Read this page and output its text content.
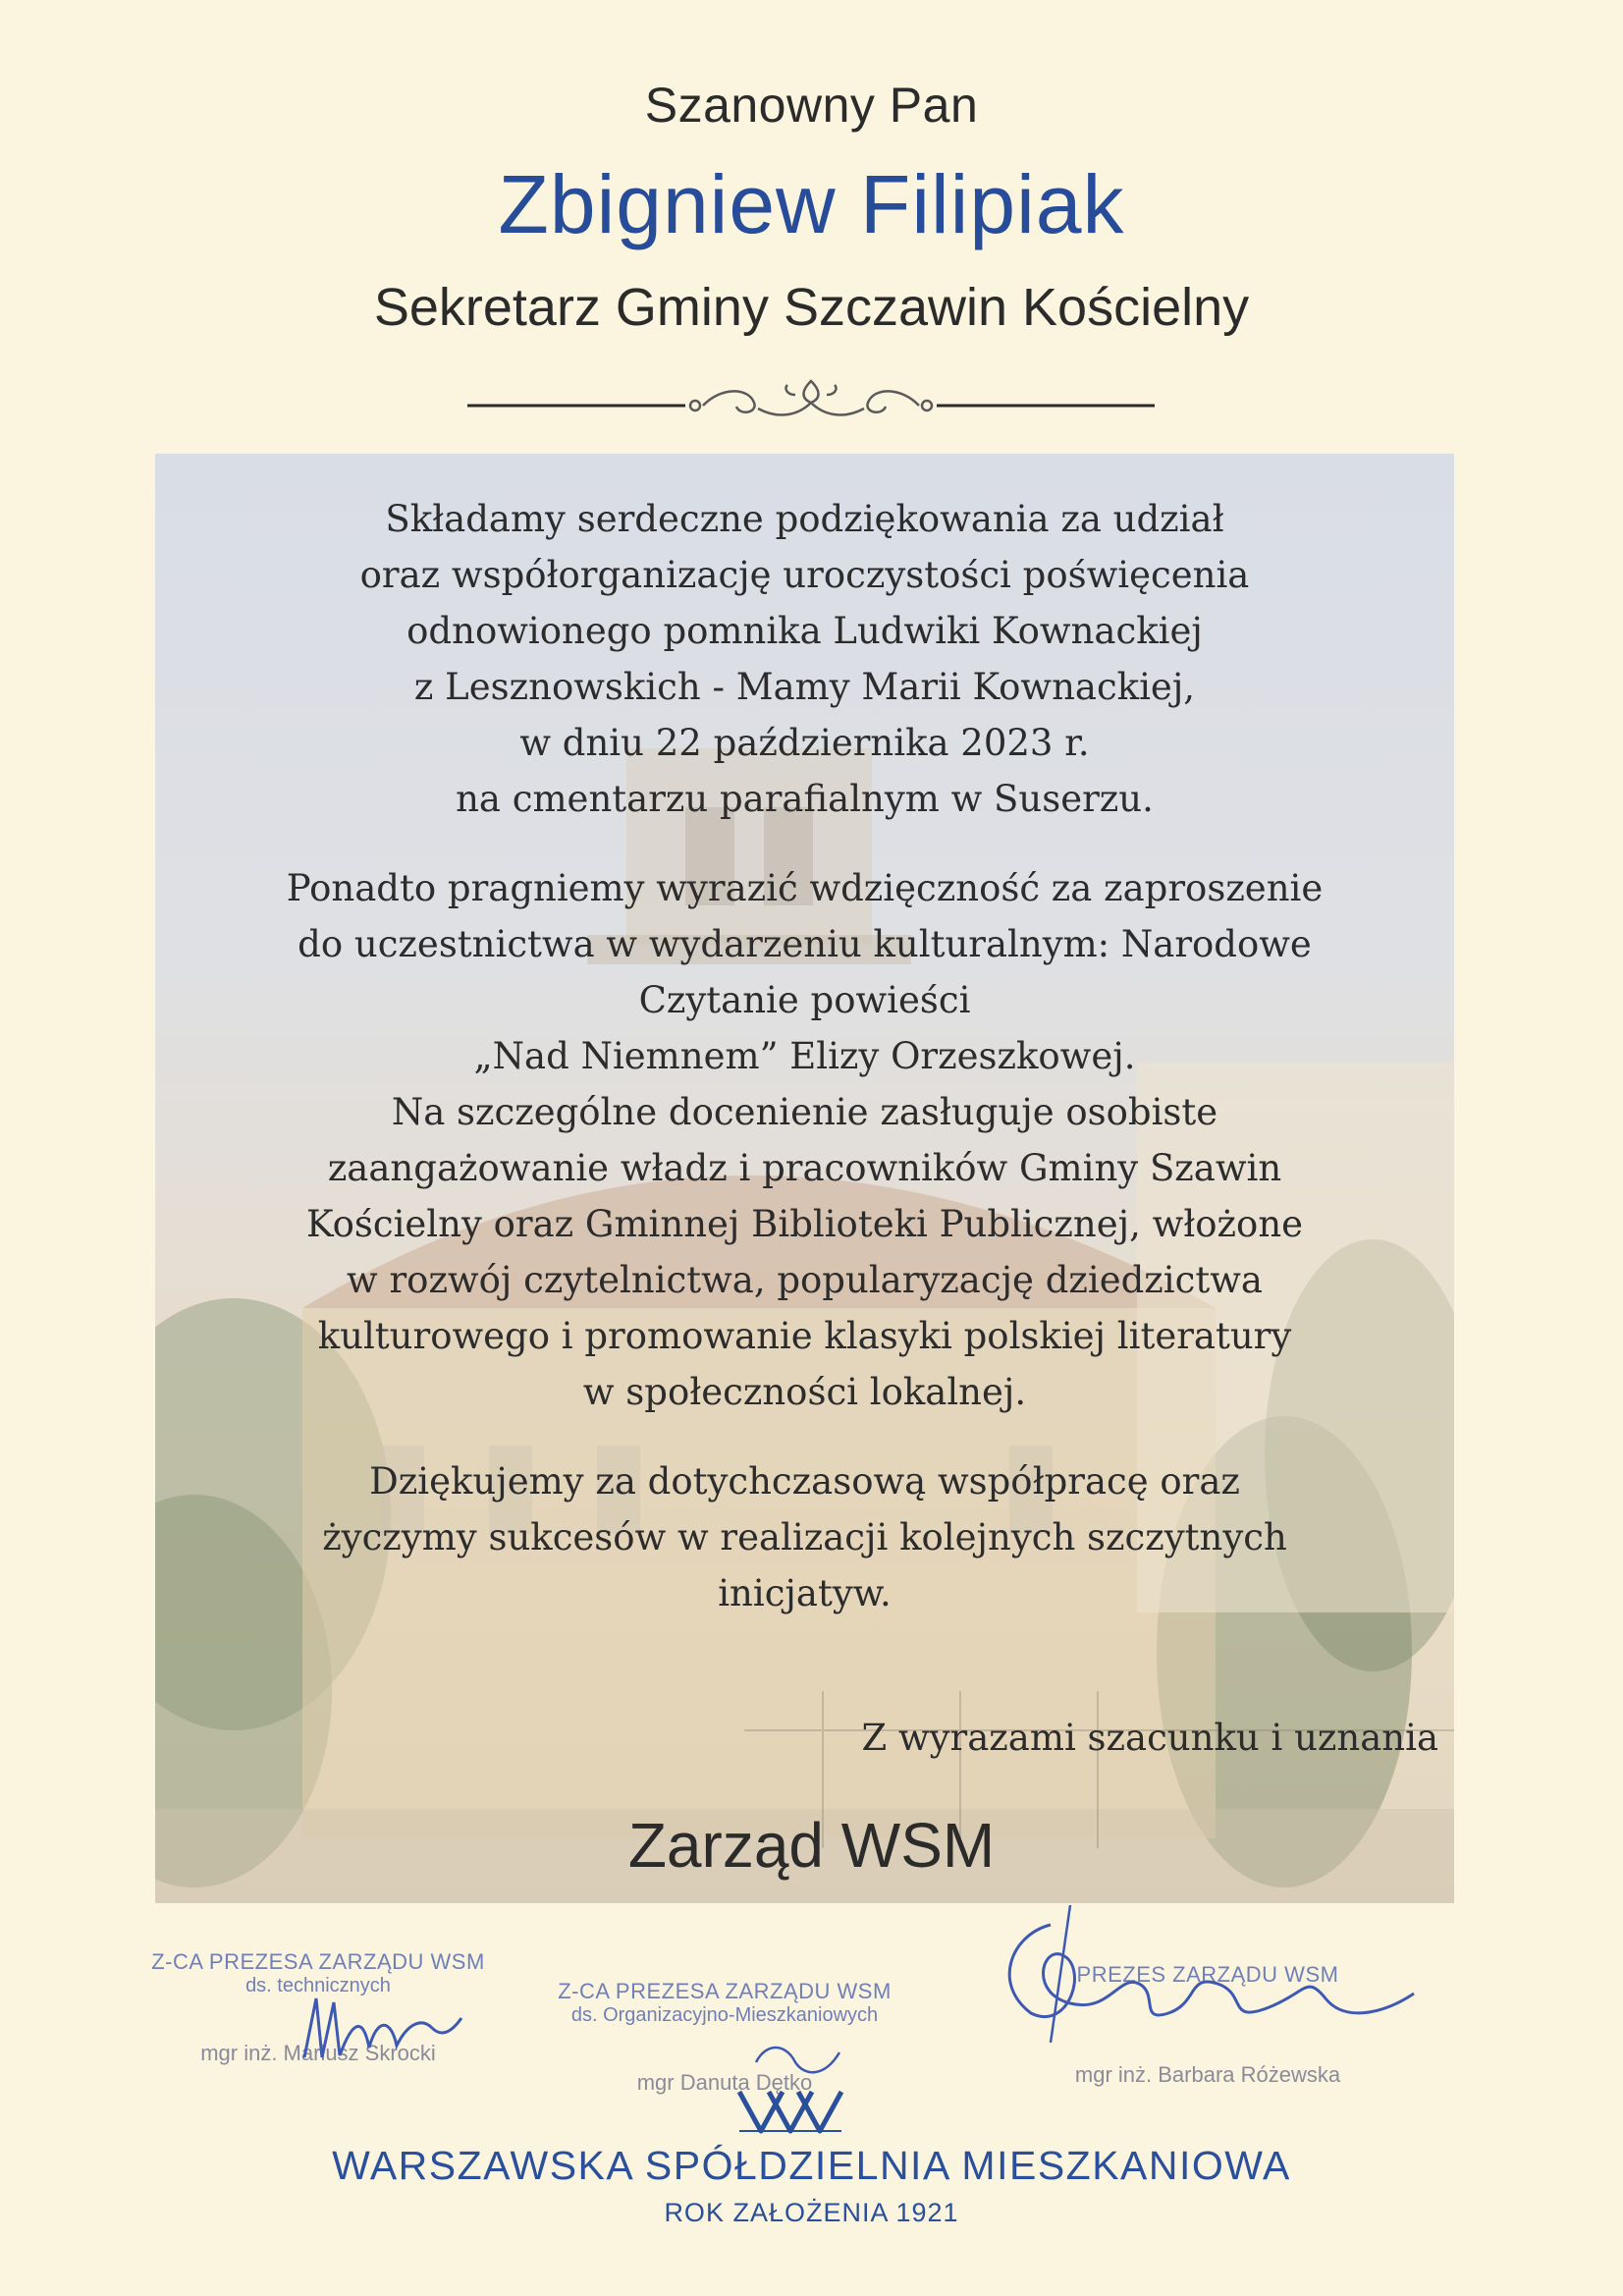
Szanowny Pan
Zbigniew Filipiak
Sekretarz Gminy Szczawin Kościelny

Składamy serdeczne podziękowania za udział
oraz współorganizację uroczystości poświęcenia
odnowionego pomnika Ludwiki Kownackiej
z Lesznowskich - Mamy Marii Kownackiej,
w dniu 22 października 2023 r.
na cmentarzu parafialnym w Suserzu.

Ponadto pragniemy wyrazić wdzięczność za zaproszenie
do uczestnictwa w wydarzeniu kulturalnym: Narodowe
Czytanie powieści
„Nad Niemnem” Elizy Orzeszkowej.
Na szczególne docenienie zasługuje osobiste
zaangażowanie władz i pracowników Gminy Szawin
Kościelny oraz Gminnej Biblioteki Publicznej, włożone
w rozwój czytelnictwa, popularyzację dziedzictwa
kulturowego i promowanie klasyki polskiej literatury
w społeczności lokalnej.

Dziękujemy za dotychczasową współpracę oraz
życzymy sukcesów w realizacji kolejnych szczytnych
inicjatyw.

Z wyrazami szacunku i uznania
Zarząd WSM
Z-CA PREZESA ZARZĄDU WSM
ds. technicznych
mgr inż. Mariusz Skrocki
Z-CA PREZESA ZARZĄDU WSM
ds. Organizacyjno-Mieszkaniowych
mgr Danuta Dętko
PREZES ZARZĄDU WSM
mgr inż. Barbara Różewska
WARSZAWSKA SPÓŁDZIELNIA MIESZKANIOWA
ROK ZAŁOŻENIA 1921
